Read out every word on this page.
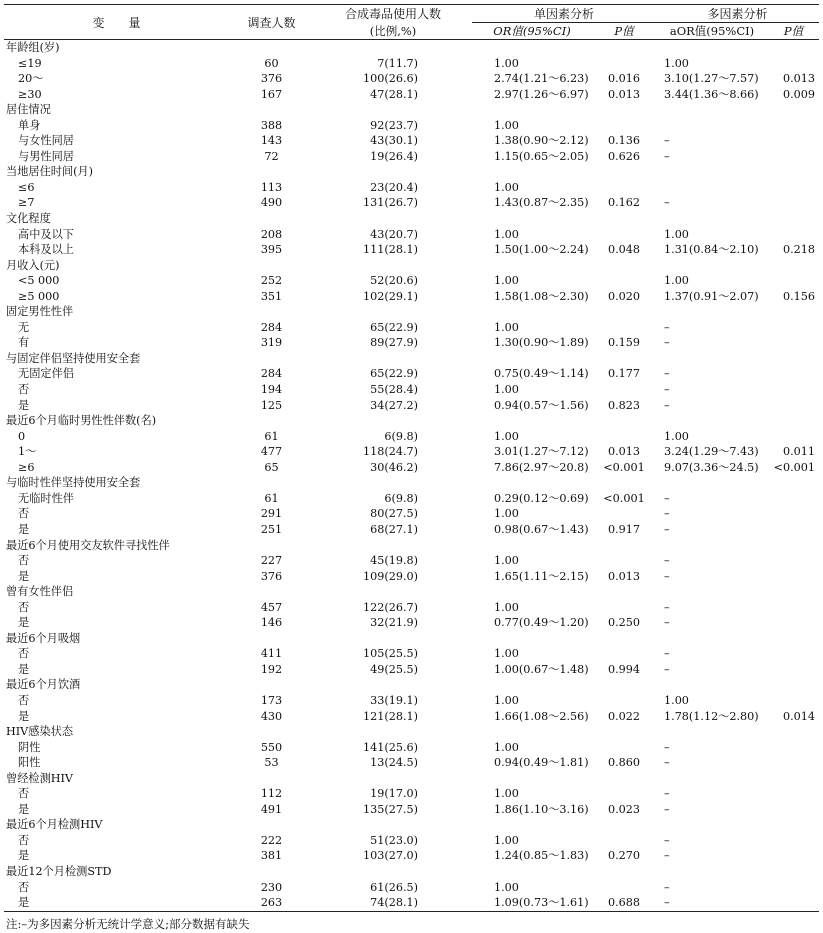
变　　量	调查人数	合成毒品使用人数	单因素分析		多因素分析	
		(比例,%)	OR值(95%CI)	P值	aOR值(95%CI)	P值
年龄组(岁)						
≤19	60	7(11.7)	1.00		1.00	
20～	376	100(26.6)	2.74(1.21～6.23)	0.016	3.10(1.27～7.57)	0.013
≥30	167	47(28.1)	2.97(1.26～6.97)	0.013	3.44(1.36～8.66)	0.009
居住情况						
单身	388	92(23.7)	1.00			
与女性同居	143	43(30.1)	1.38(0.90～2.12)	0.136	–	
与男性同居	72	19(26.4)	1.15(0.65～2.05)	0.626	–	
当地居住时间(月)						
≤6	113	23(20.4)	1.00			
≥7	490	131(26.7)	1.43(0.87～2.35)	0.162	–	
文化程度						
高中及以下	208	43(20.7)	1.00		1.00	
本科及以上	395	111(28.1)	1.50(1.00～2.24)	0.048	1.31(0.84～2.10)	0.218
月收入(元)						
<5 000	252	52(20.6)	1.00		1.00	
≥5 000	351	102(29.1)	1.58(1.08～2.30)	0.020	1.37(0.91～2.07)	0.156
固定男性性伴						
无	284	65(22.9)	1.00		–	
有	319	89(27.9)	1.30(0.90～1.89)	0.159	–	
与固定伴侣坚持使用安全套						
无固定伴侣	284	65(22.9)	0.75(0.49～1.14)	0.177	–	
否	194	55(28.4)	1.00		–	
是	125	34(27.2)	0.94(0.57～1.56)	0.823	–	
最近6个月临时男性性伴数(名)						
0	61	6(9.8)	1.00		1.00	
1～	477	118(24.7)	3.01(1.27～7.12)	0.013	3.24(1.29～7.43)	0.011
≥6	65	30(46.2)	7.86(2.97～20.8)	<0.001	9.07(3.36～24.5)	<0.001
与临时性伴坚持使用安全套						
无临时性伴	61	6(9.8)	0.29(0.12～0.69)	<0.001	–	
否	291	80(27.5)	1.00		–	
是	251	68(27.1)	0.98(0.67～1.43)	0.917	–	
最近6个月使用交友软件寻找性伴						
否	227	45(19.8)	1.00		–	
是	376	109(29.0)	1.65(1.11～2.15)	0.013	–	
曾有女性伴侣						
否	457	122(26.7)	1.00		–	
是	146	32(21.9)	0.77(0.49～1.20)	0.250	–	
最近6个月吸烟						
否	411	105(25.5)	1.00		–	
是	192	49(25.5)	1.00(0.67～1.48)	0.994	–	
最近6个月饮酒						
否	173	33(19.1)	1.00		1.00	
是	430	121(28.1)	1.66(1.08～2.56)	0.022	1.78(1.12～2.80)	0.014
HIV感染状态						
阴性	550	141(25.6)	1.00		–	
阳性	53	13(24.5)	0.94(0.49～1.81)	0.860	–	
曾经检测HIV						
否	112	19(17.0)	1.00		–	
是	491	135(27.5)	1.86(1.10～3.16)	0.023	–	
最近6个月检测HIV						
否	222	51(23.0)	1.00		–	
是	381	103(27.0)	1.24(0.85～1.83)	0.270	–	
最近12个月检测STD						
否	230	61(26.5)	1.00		–	
是	263	74(28.1)	1.09(0.73～1.61)	0.688	–	
注:–为多因素分析无统计学意义;部分数据有缺失
